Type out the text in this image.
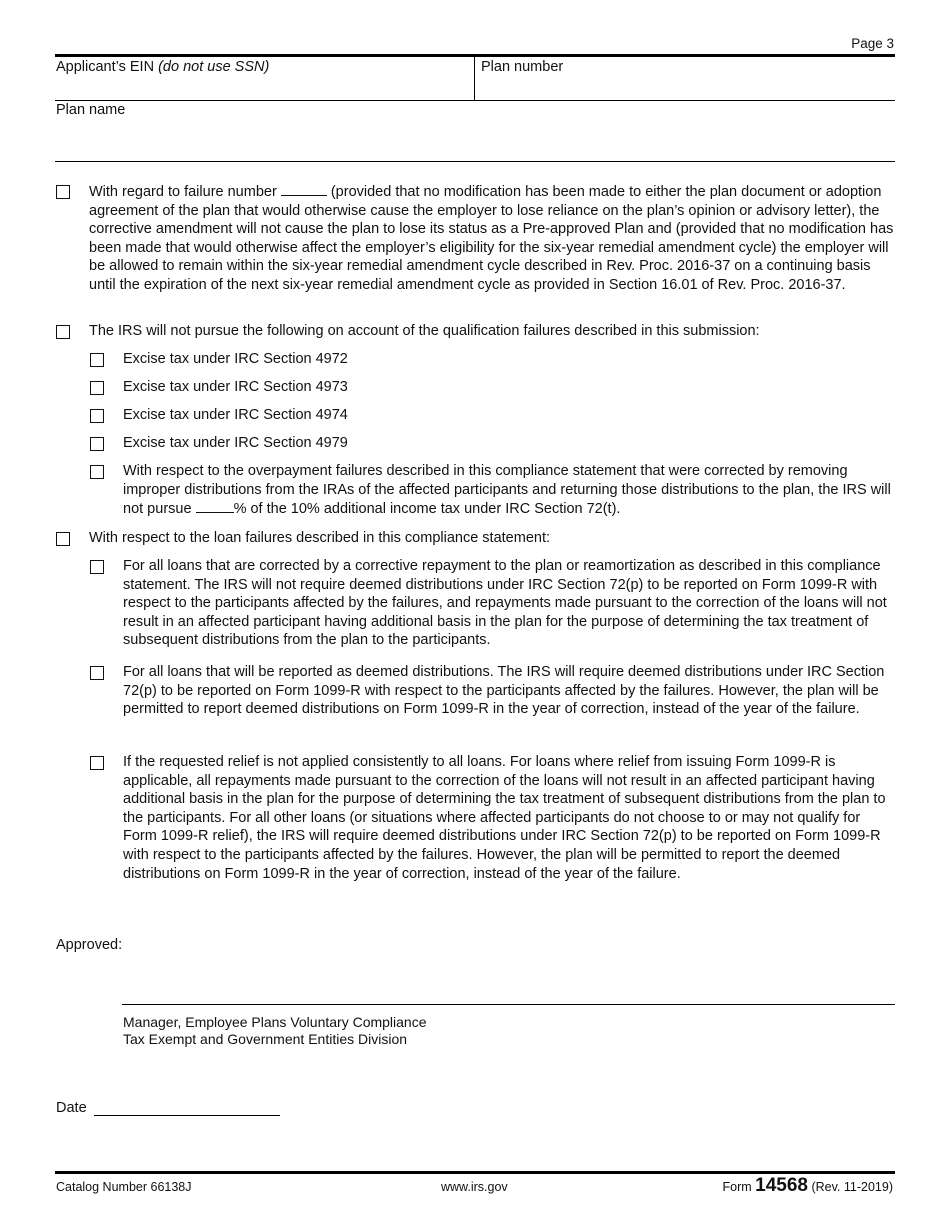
Page 3
Applicant’s EIN (do not use SSN)	Plan number
Plan name
With regard to failure number	(provided that no modification has been made to either the plan document or adoption agreement of the plan that would otherwise cause the employer to lose reliance on the plan’s opinion or advisory letter), the corrective amendment will not cause the plan to lose its status as a Pre-approved Plan and (provided that no modification has been made that would otherwise affect the employer’s eligibility for the six-year remedial amendment cycle) the employer will be allowed to remain within the six-year remedial amendment cycle described in Rev. Proc. 2016-37 on a continuing basis until the expiration of the next six-year remedial amendment cycle as provided in Section 16.01 of Rev. Proc. 2016-37.
The IRS will not pursue the following on account of the qualification failures described in this submission:
Excise tax under IRC Section 4972
Excise tax under IRC Section 4973
Excise tax under IRC Section 4974
Excise tax under IRC Section 4979
With respect to the overpayment failures described in this compliance statement that were corrected by removing improper distributions from the IRAs of the affected participants and returning those distributions to the plan, the IRS will not pursue	% of the 10% additional income tax under IRC Section 72(t).
With respect to the loan failures described in this compliance statement:
For all loans that are corrected by a corrective repayment to the plan or reamortization as described in this compliance statement. The IRS will not require deemed distributions under IRC Section 72(p) to be reported on Form 1099-R with respect to the participants affected by the failures, and repayments made pursuant to the correction of the loans will not result in an affected participant having additional basis in the plan for the purpose of determining the tax treatment of subsequent distributions from the plan to the participants.
For all loans that will be reported as deemed distributions. The IRS will require deemed distributions under IRC Section 72(p) to be reported on Form 1099-R with respect to the participants affected by the failures. However, the plan will be permitted to report deemed distributions on Form 1099-R in the year of correction, instead of the year of the failure.
If the requested relief is not applied consistently to all loans. For loans where relief from issuing Form 1099-R is applicable, all repayments made pursuant to the correction of the loans will not result in an affected participant having additional basis in the plan for the purpose of determining the tax treatment of subsequent distributions from the plan to the participants. For all other loans (or situations where affected participants do not choose to or may not qualify for Form 1099-R relief), the IRS will require deemed distributions under IRC Section 72(p) to be reported on Form 1099-R with respect to the participants affected by the failures. However, the plan will be permitted to report the deemed distributions on Form 1099-R in the year of correction, instead of the year of the failure.
Approved:
Manager, Employee Plans Voluntary Compliance
Tax Exempt and Government Entities Division
Date
Catalog Number 66138J	www.irs.gov	Form 14568 (Rev. 11-2019)
